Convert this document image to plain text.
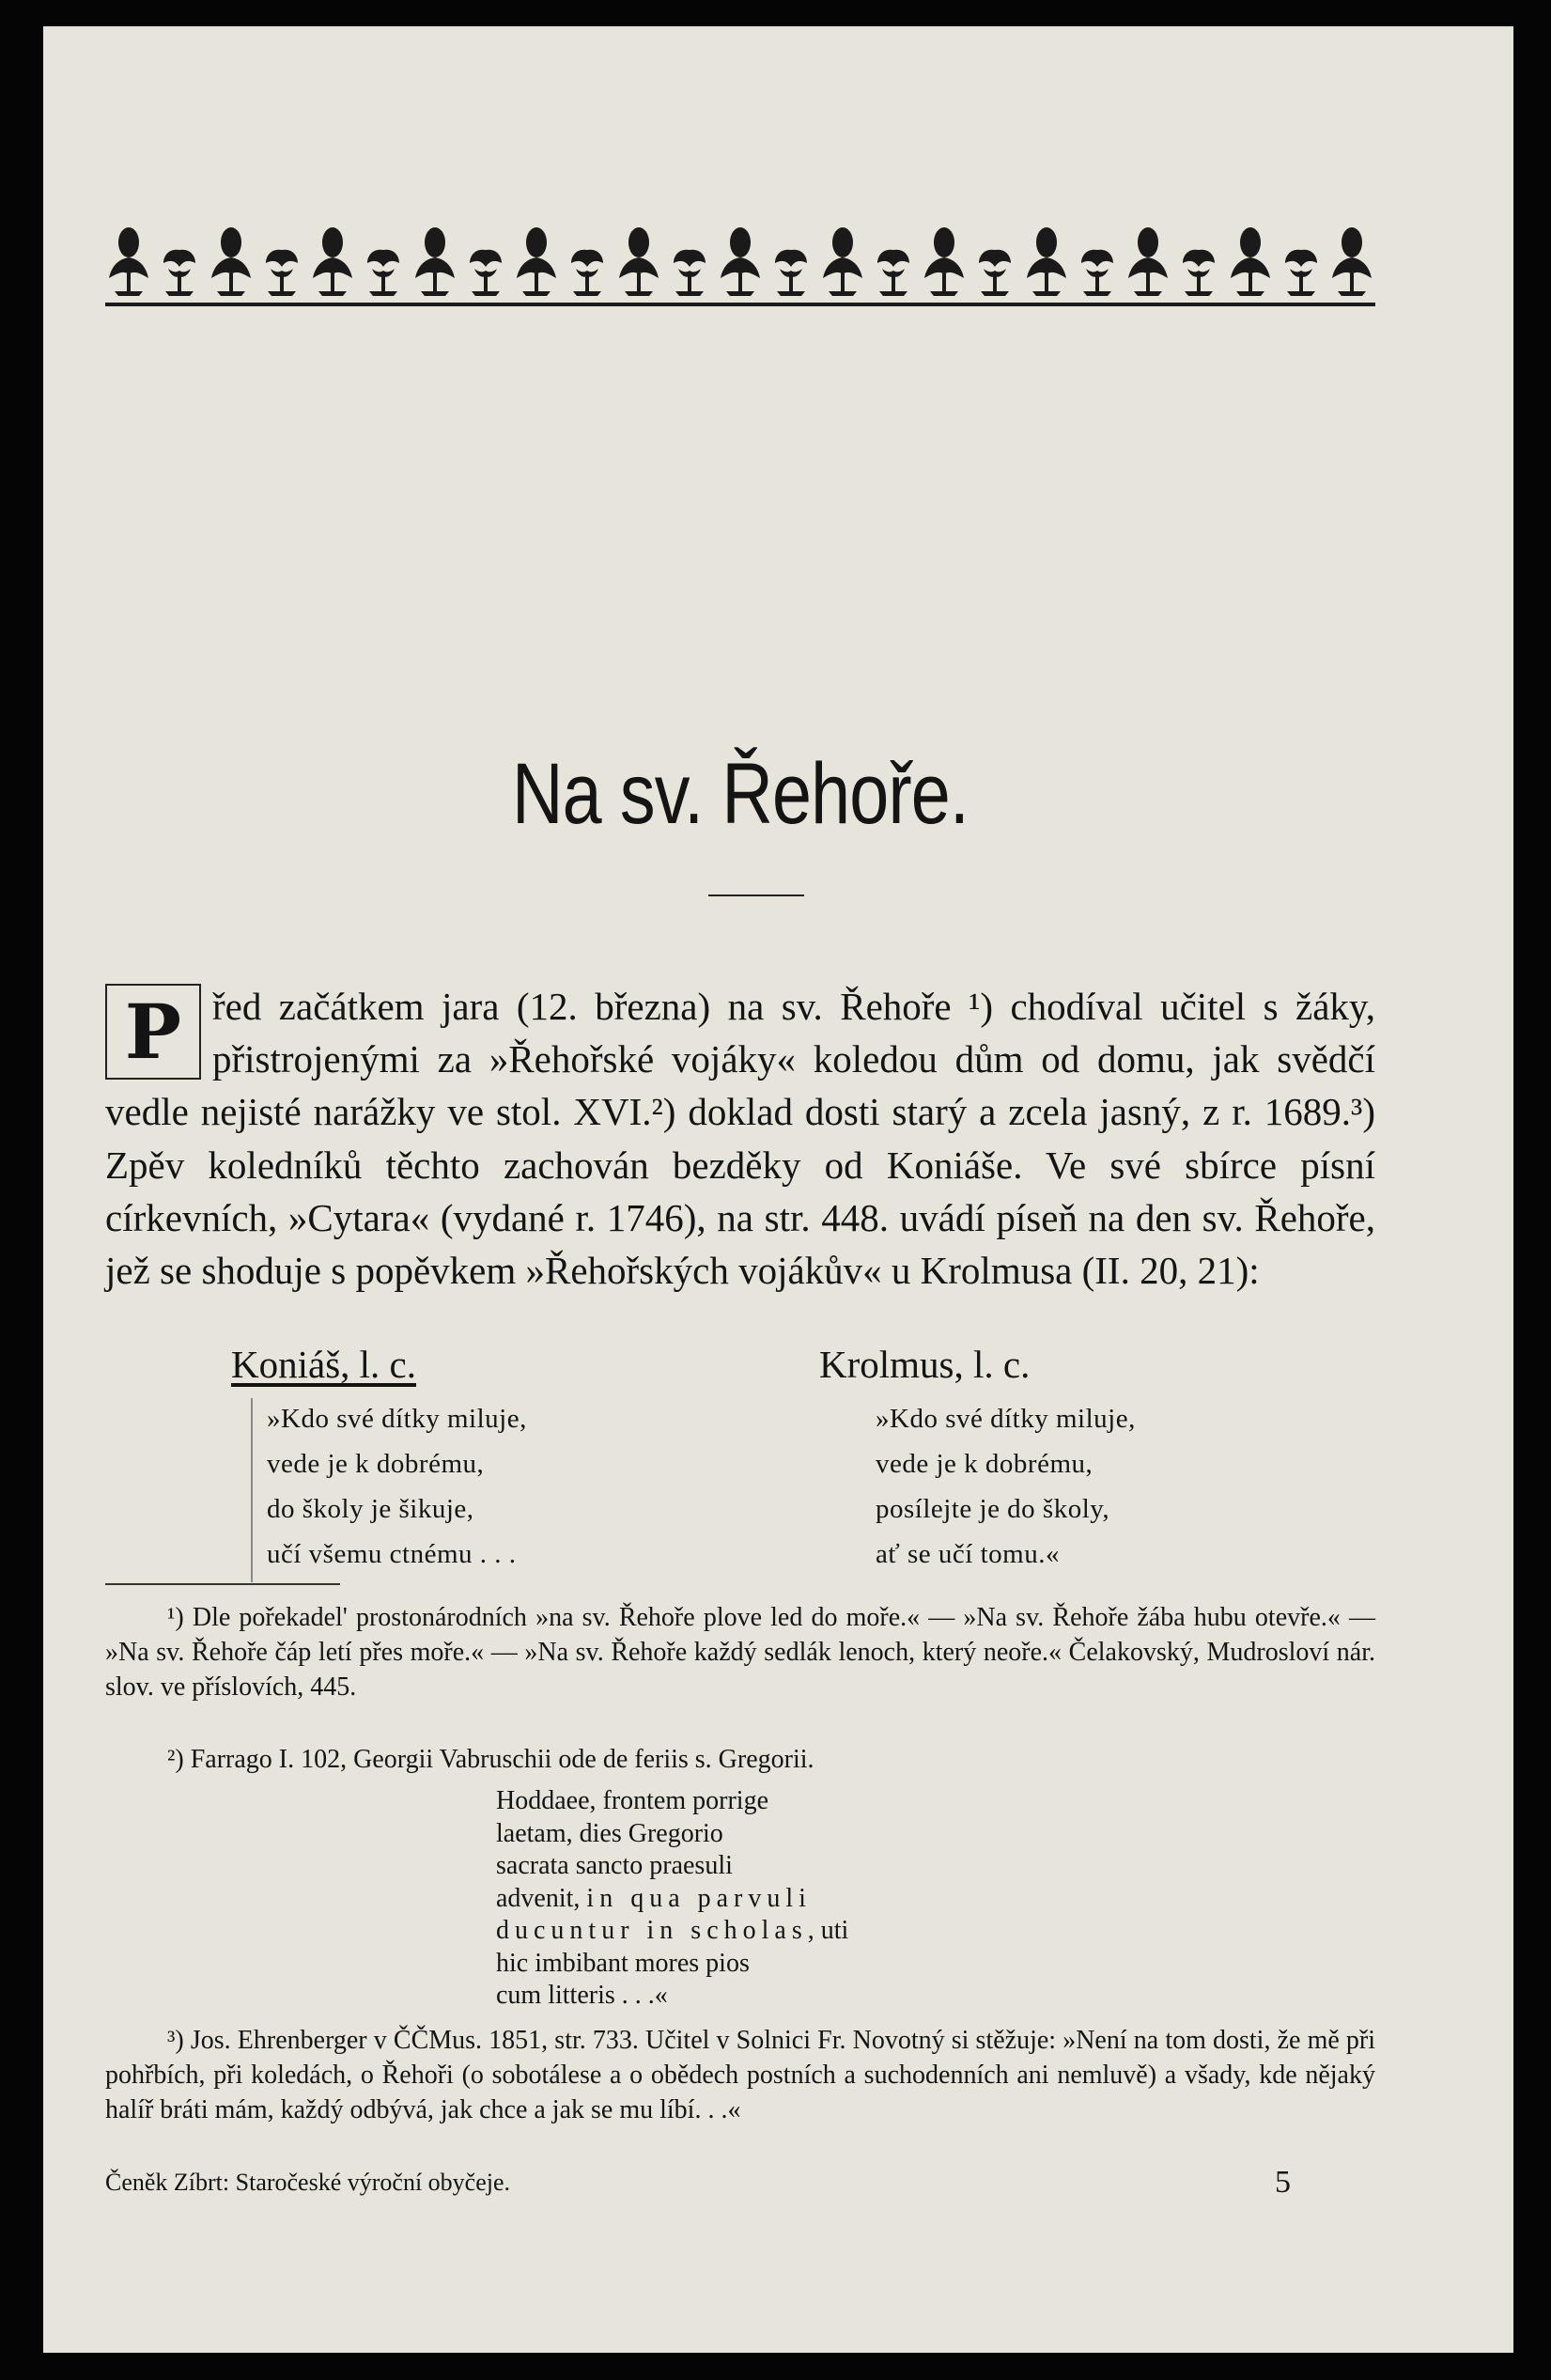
Na sv. Řehoře.
P řed začátkem jara (12. března) na sv. Řehoře ¹) chodíval učitel s žáky, přistrojenými za »Řehořské vojáky« koledou dům od domu, jak svědčí vedle nejisté narážky ve stol. XVI.²) doklad dosti starý a zcela jasný, z r. 1689.³) Zpěv koledníků těchto zachován bezděky od Koniáše. Ve své sbírce písní církevních, »Cytara« (vydané r. 1746), na str. 448. uvádí píseň na den sv. Řehoře, jež se shoduje s popěvkem »Řehořských vojákův« u Krolmusa (II. 20, 21):
Koniáš, l. c.	Krolmus, l. c.
»Kdo své dítky miluje,
vede je k dobrému,
do školy je šikuje,
učí všemu ctnému . . .
»Kdo své dítky miluje,
vede je k dobrému,
posílejte je do školy,
ať se učí tomu.«
¹) Dle pořekadel' prostonárodních »na sv. Řehoře plove led do moře.« — »Na sv. Řehoře žába hubu otevře.« — »Na sv. Řehoře čáp letí přes moře.« — »Na sv. Řehoře každý sedlák lenoch, který neoře.« Čelakovský, Mudrosloví nár. slov. ve příslovích, 445.
²) Farrago I. 102, Georgii Vabruschii ode de feriis s. Gregorii.
Hoddaee, frontem porrige
laetam, dies Gregorio
sacrata sancto praesuli
advenit, in qua parvuli
ducuntur in scholas, uti
hic imbibant mores pios
cum litteris . . .«
³) Jos. Ehrenberger v ČČMus. 1851, str. 733. Učitel v Solnici Fr. Novotný si stěžuje: »Není na tom dosti, že mě při pohřbích, při koledách, o Řehoři (o sobotálese a o obědech postních a suchodenních ani nemluvě) a všady, kde nějaký halíř bráti mám, každý odbývá, jak chce a jak se mu líbí. . .«
Čeněk Zíbrt: Staročeské výroční obyčeje.	5
